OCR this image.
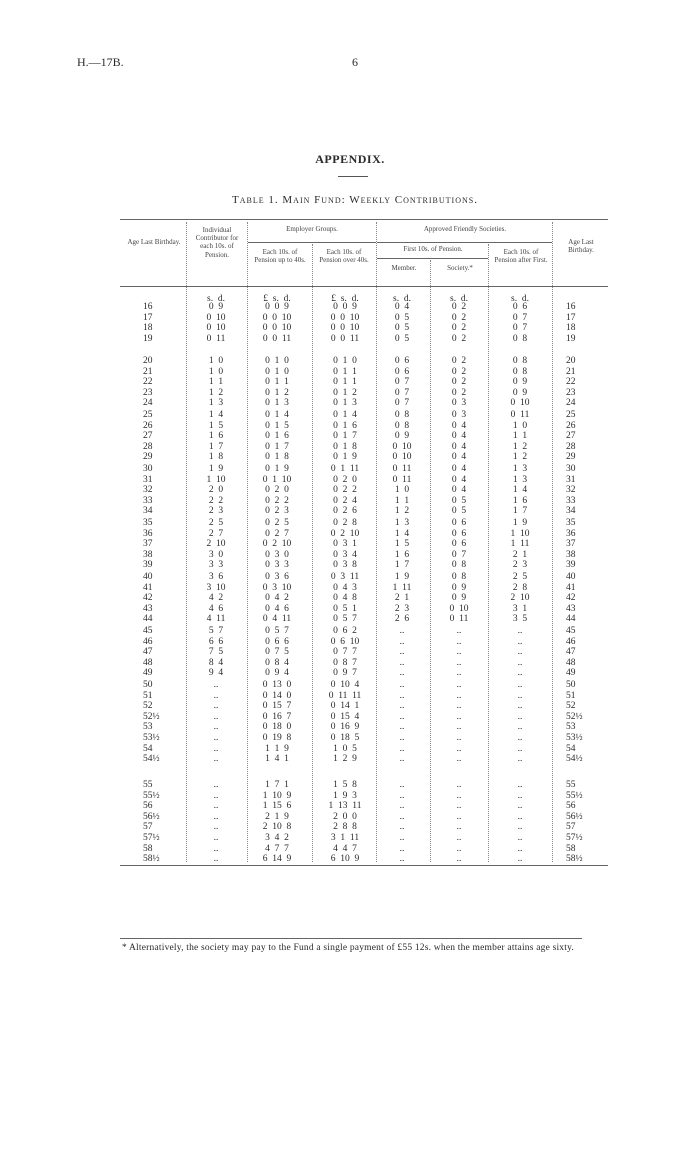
H.—17B.	6
APPENDIX.
Table 1. Main Fund: Weekly Contributions.
Age Last Birthday.
Individual Contributor for each 10s. of Pension.
Employer Groups.
Each 10s. of Pension up to 40s.
Each 10s. of Pension over 40s.
Approved Friendly Societies.
First 10s. of Pension.
Member.	Society.*
Each 10s. of Pension after First.
Age Last Birthday.
s.  d.	£  s.  d.	£  s.  d.	s.  d.	s.  d.	s.  d.
16	0  9	0  0  9	0  0  9	0  4	0  2	0  6	16
17	0  10	0  0  10	0  0  10	0  5	0  2	0  7	17
18	0  10	0  0  10	0  0  10	0  5	0  2	0  7	18
19	0  11	0  0  11	0  0  11	0  5	0  2	0  8	19
20	1  0	0  1  0	0  1  0	0  6	0  2	0  8	20
21	1  0	0  1  0	0  1  1	0  6	0  2	0  8	21
22	1  1	0  1  1	0  1  1	0  7	0  2	0  9	22
23	1  2	0  1  2	0  1  2	0  7	0  2	0  9	23
24	1  3	0  1  3	0  1  3	0  7	0  3	0  10	24
25	1  4	0  1  4	0  1  4	0  8	0  3	0  11	25
26	1  5	0  1  5	0  1  6	0  8	0  4	1  0	26
27	1  6	0  1  6	0  1  7	0  9	0  4	1  1	27
28	1  7	0  1  7	0  1  8	0  10	0  4	1  2	28
29	1  8	0  1  8	0  1  9	0  10	0  4	1  2	29
30	1  9	0  1  9	0  1  11	0  11	0  4	1  3	30
31	1  10	0  1  10	0  2  0	0  11	0  4	1  3	31
32	2  0	0  2  0	0  2  2	1  0	0  4	1  4	32
33	2  2	0  2  2	0  2  4	1  1	0  5	1  6	33
34	2  3	0  2  3	0  2  6	1  2	0  5	1  7	34
35	2  5	0  2  5	0  2  8	1  3	0  6	1  9	35
36	2  7	0  2  7	0  2  10	1  4	0  6	1  10	36
37	2  10	0  2  10	0  3  1	1  5	0  6	1  11	37
38	3  0	0  3  0	0  3  4	1  6	0  7	2  1	38
39	3  3	0  3  3	0  3  8	1  7	0  8	2  3	39
40	3  6	0  3  6	0  3  11	1  9	0  8	2  5	40
41	3  10	0  3  10	0  4  3	1  11	0  9	2  8	41
42	4  2	0  4  2	0  4  8	2  1	0  9	2  10	42
43	4  6	0  4  6	0  5  1	2  3	0  10	3  1	43
44	4  11	0  4  11	0  5  7	2  6	0  11	3  5	44
45	5  7	0  5  7	0  6  2	..	..	..	45
46	6  6	0  6  6	0  6  10	..	..	..	46
47	7  5	0  7  5	0  7  7	..	..	..	47
48	8  4	0  8  4	0  8  7	..	..	..	48
49	9  4	0  9  4	0  9  7	..	..	..	49
50	..	0  13  0	0  10  4	..	..	..	50
51	..	0  14  0	0  11  11	..	..	..	51
52	..	0  15  7	0  14  1	..	..	..	52
52½	..	0  16  7	0  15  4	..	..	..	52½
53	..	0  18  0	0  16  9	..	..	..	53
53½	..	0  19  8	0  18  5	..	..	..	53½
54	..	1  1  9	1  0  5	..	..	..	54
54½	..	1  4  1	1  2  9	..	..	..	54½
55	..	1  7  1	1  5  8	..	..	..	55
55½	..	1  10  9	1  9  3	..	..	..	55½
56	..	1  15  6	1  13  11	..	..	..	56
56½	..	2  1  9	2  0  0	..	..	..	56½
57	..	2  10  8	2  8  8	..	..	..	57
57½	..	3  4  2	3  1  11	..	..	..	57½
58	..	4  7  7	4  4  7	..	..	..	58
58½	..	6  14  9	6  10  9	..	..	..	58½
* Alternatively, the society may pay to the Fund a single payment of £55 12s. when the member attains age sixty.
